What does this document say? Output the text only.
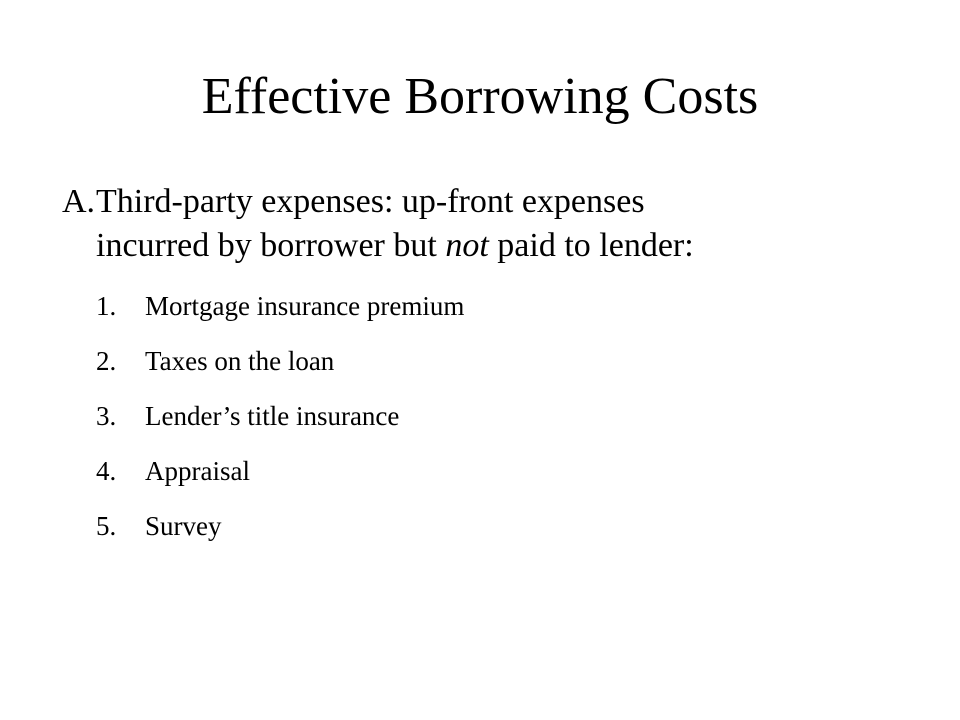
Effective Borrowing Costs
A. Third-party expenses: up-front expenses
incurred by borrower but not paid to lender:
1.	Mortgage insurance premium
2.	Taxes on the loan
3.	Lender’s title insurance
4.	Appraisal
5.	Survey
